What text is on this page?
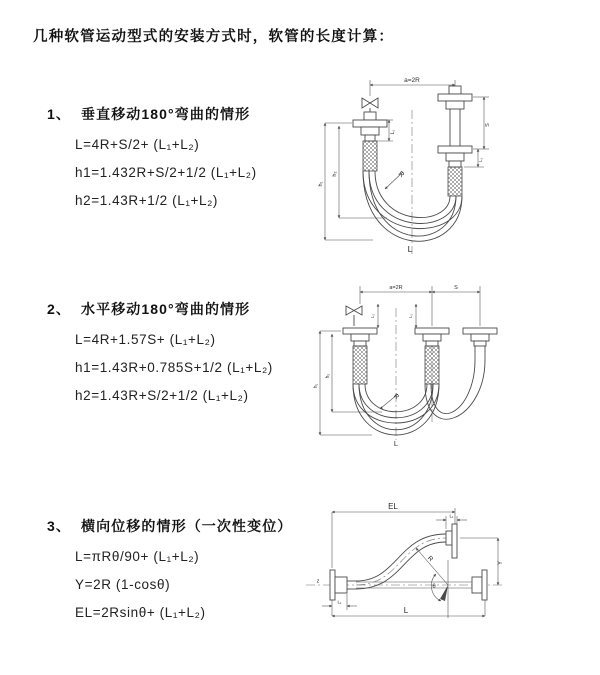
几种软管运动型式的安装方式时，软管的长度计算：
1、 垂直移动180°弯曲的情形
L=4R+S/2+ (L₁+L₂)
h1=1.432R+S/2+1/2 (L₁+L₂)
h2=1.43R+1/2 (L₁+L₂)
2、 水平移动180°弯曲的情形
L=4R+1.57S+ (L₁+L₂)
h1=1.43R+0.785S+1/2 (L₁+L₂)
h2=1.43R+S/2+1/2 (L₁+L₂)
3、 横向位移的情形（一次性变位）
L=πRθ/90+ (L₁+L₂)
Y=2R (1-cosθ)
EL=2Rsinθ+ (L₁+L₂)
a=2R
L₁
S
L₁
R
h₁
h₂
L
a=2R	S
L₁	L₁
R
h₁
h₂
L
z
R
θ
EL
L₁
Y
L
L₁
